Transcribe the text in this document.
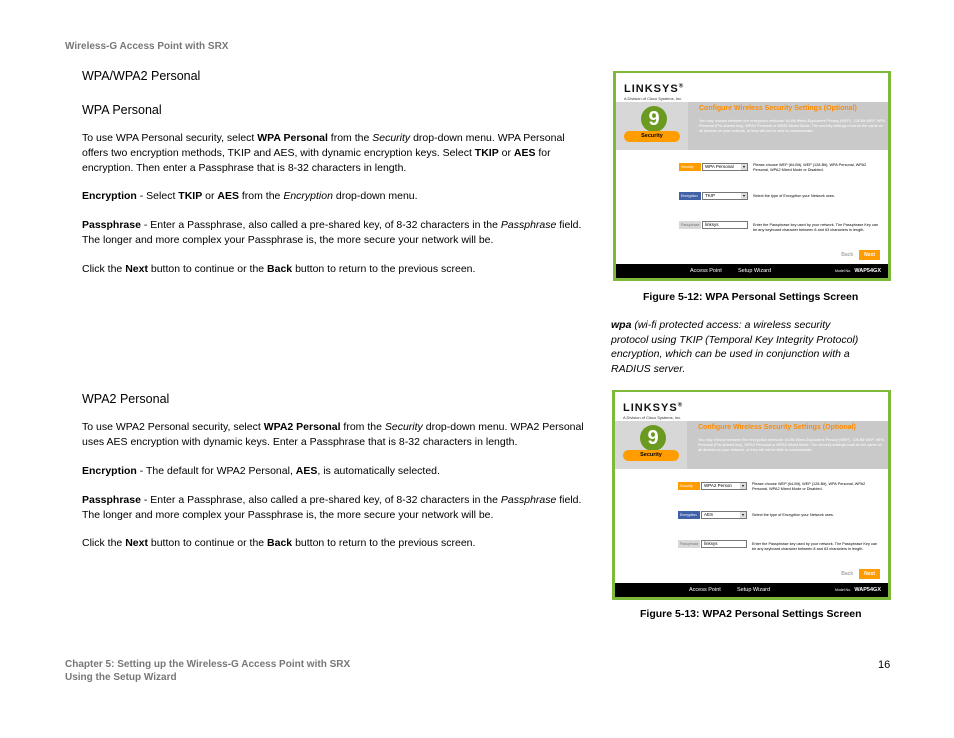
Wireless-G Access Point with SRX
WPA/WPA2 Personal
WPA Personal

To use WPA Personal security, select WPA Personal from the Security drop-down menu. WPA Personal offers two encryption methods, TKIP and AES, with dynamic encryption keys. Select TKIP or AES for encryption. Then enter a Passphrase that is 8-32 characters in length.

Encryption - Select TKIP or AES from the Encryption drop-down menu.

Passphrase - Enter a Passphrase, also called a pre-shared key, of 8-32 characters in the Passphrase field. The longer and more complex your Passphrase is, the more secure your network will be.

Click the Next button to continue or the Back button to return to the previous screen.

LINKSYS®
A Division of Cisco Systems, Inc.
9
Security
Configure Wireless Security Settings (Optional)
You may choose between five encryption methods: 64-Bit Wired-Equivalent Privacy (WEP), 128-Bit WEP, WPA Personal (Pre-shared key), WPA2 Personal or WPA2 Mixed Mode. The security settings must be the same on all devices on your network, or they will not be able to communicate.
Security	WPA Personal	▾	Please choose WEP (64-Bit), WEP (128-Bit), WPA Personal, WPA2 Personal, WPA2 Mixed Mode or Disabled.
Encryption	TKIP	▾	Select the type of Encryption your Network uses.
Passphrase	linksys	Enter the Passphrase key used by your network. The Passphrase Key can be any keyboard character between 8 and 63 characters in length.
Back Next
Access Point	Setup Wizard	Model No. WAP54GX
Figure 5-12: WPA Personal Settings Screen

wpa (wi-fi protected access: a wireless security protocol using TKIP (Temporal Key Integrity Protocol) encryption, which can be used in conjunction with a RADIUS server.

WPA2 Personal

To use WPA2 Personal security, select WPA2 Personal from the Security drop-down menu. WPA2 Personal uses AES encryption with dynamic keys. Enter a Passphrase that is 8-32 characters in length.

Encryption - The default for WPA2 Personal, AES, is automatically selected.

Passphrase - Enter a Passphrase, also called a pre-shared key, of 8-32 characters in the Passphrase field. The longer and more complex your Passphrase is, the more secure your network will be.

Click the Next button to continue or the Back button to return to the previous screen.

LINKSYS®
A Division of Cisco Systems, Inc.
9
Security
Configure Wireless Security Settings (Optional)
You may choose between five encryption methods: 64-Bit Wired-Equivalent Privacy (WEP), 128-Bit WEP, WPA Personal (Pre-shared key), WPA2 Personal or WPA2 Mixed Mode. The security settings must be the same on all devices on your network, or they will not be able to communicate.
Security	WPA2 Person	▾	Please choose WEP (64-Bit), WEP (128-Bit), WPA Personal, WPA2 Personal, WPA2 Mixed Mode or Disabled.
Encryption	AES	▾	Select the type of Encryption your Network uses.
Passphrase	linksys	Enter the Passphrase key used by your network. The Passphrase Key can be any keyboard character between 8 and 63 characters in length.
Back Next
Access Point	Setup Wizard	Model No. WAP54GX
Figure 5-13: WPA2 Personal Settings Screen
Chapter 5: Setting up the Wireless-G Access Point with SRX
Using the Setup Wizard
16
